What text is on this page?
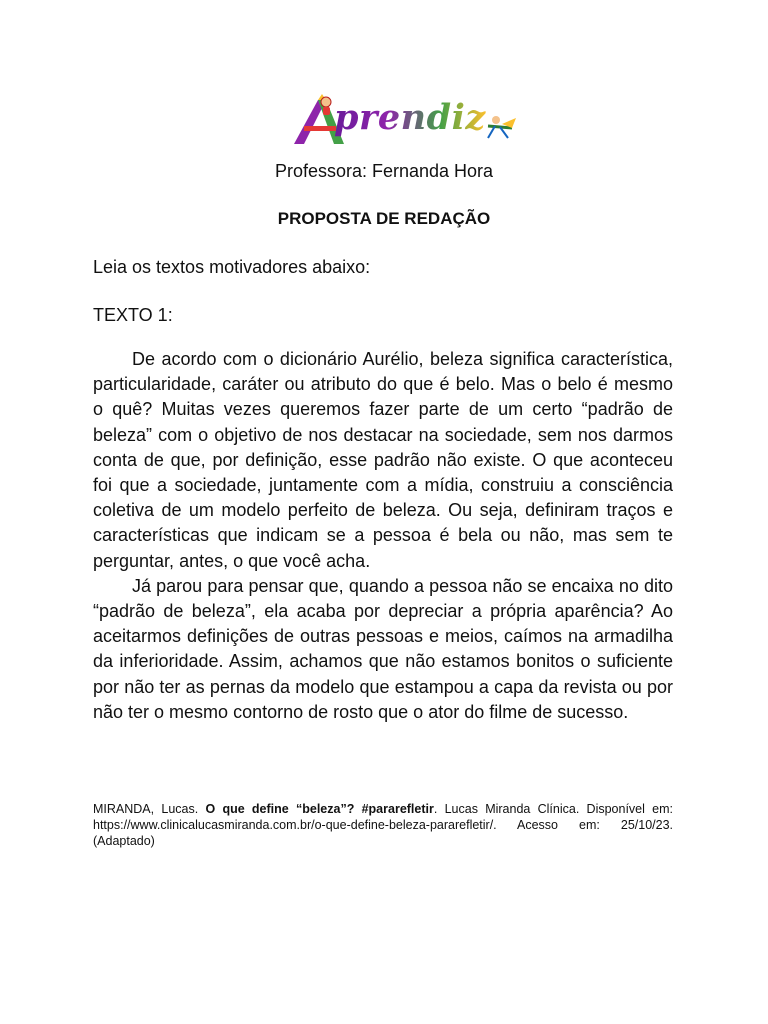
prendiz
Professora: Fernanda Hora
PROPOSTA DE REDAÇÃO
Leia os textos motivadores abaixo:
TEXTO 1:

De acordo com o dicionário Aurélio, beleza significa característica, particularidade, caráter ou atributo do que é belo. Mas o belo é mesmo o quê? Muitas vezes queremos fazer parte de um certo “padrão de beleza” com o objetivo de nos destacar na sociedade, sem nos darmos conta de que, por definição, esse padrão não existe. O que aconteceu foi que a sociedade, juntamente com a mídia, construiu a consciência coletiva de um modelo perfeito de beleza. Ou seja, definiram traços e características que indicam se a pessoa é bela ou não, mas sem te perguntar, antes, o que você acha.

Já parou para pensar que, quando a pessoa não se encaixa no dito “padrão de beleza”, ela acaba por depreciar a própria aparência? Ao aceitarmos definições de outras pessoas e meios, caímos na armadilha da inferioridade. Assim, achamos que não estamos bonitos o suficiente por não ter as pernas da modelo que estampou a capa da revista ou por não ter o mesmo contorno de rosto que o ator do filme de sucesso.

MIRANDA, Lucas. O que define “beleza”? #pararefletir. Lucas Miranda Clínica. Disponível em: https://www.clinicalucasmiranda.com.br/o-que-define-beleza-pararefletir/. Acesso em: 25/10/23. (Adaptado)
